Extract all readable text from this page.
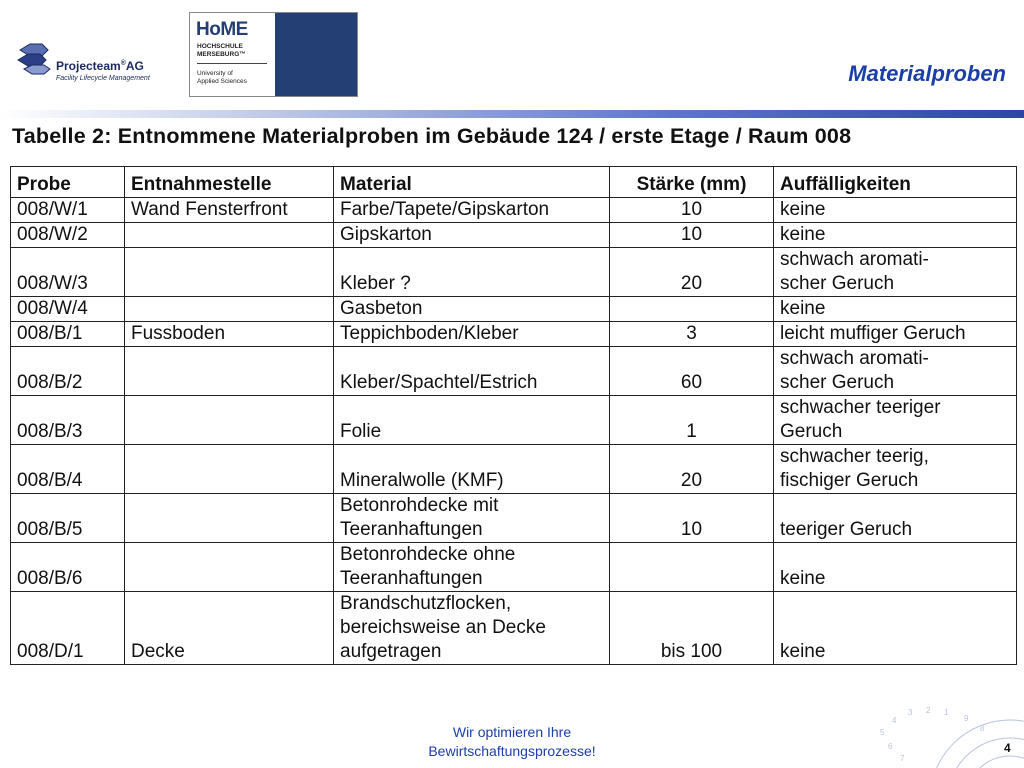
Projecteam®AG
Facility Lifecycle Management
HoME
HOCHSCHULE
MERSEBURG™
University of
Applied Sciences	Materialproben
Tabelle 2: Entnommene Materialproben im Gebäude 124 / erste Etage / Raum 008
Probe	Entnahmestelle	Material	Stärke (mm)	Auffälligkeiten
008/W/1	Wand Fensterfront	Farbe/Tapete/Gipskarton	10	keine
008/W/2		Gipskarton	10	keine
008/W/3		Kleber ?	20	schwach aromati-
scher Geruch
008/W/4		Gasbeton		keine
008/B/1	Fussboden	Teppichboden/Kleber	3	leicht muffiger Geruch
008/B/2		Kleber/Spachtel/Estrich	60	schwach aromati-
scher Geruch
008/B/3		Folie	1	schwacher teeriger
Geruch
008/B/4		Mineralwolle (KMF)	20	schwacher teerig,
fischiger Geruch
008/B/5		Betonrohdecke mit
Teeranhaftungen	10	teeriger Geruch
008/B/6		Betonrohdecke ohne
Teeranhaftungen		keine
008/D/1	Decke	Brandschutzflocken,
bereichsweise an Decke
aufgetragen	bis 100	keine
Wir optimieren Ihre
Bewirtschaftungsprozesse!	4
5
4
3 2 1
6
7
9
8
